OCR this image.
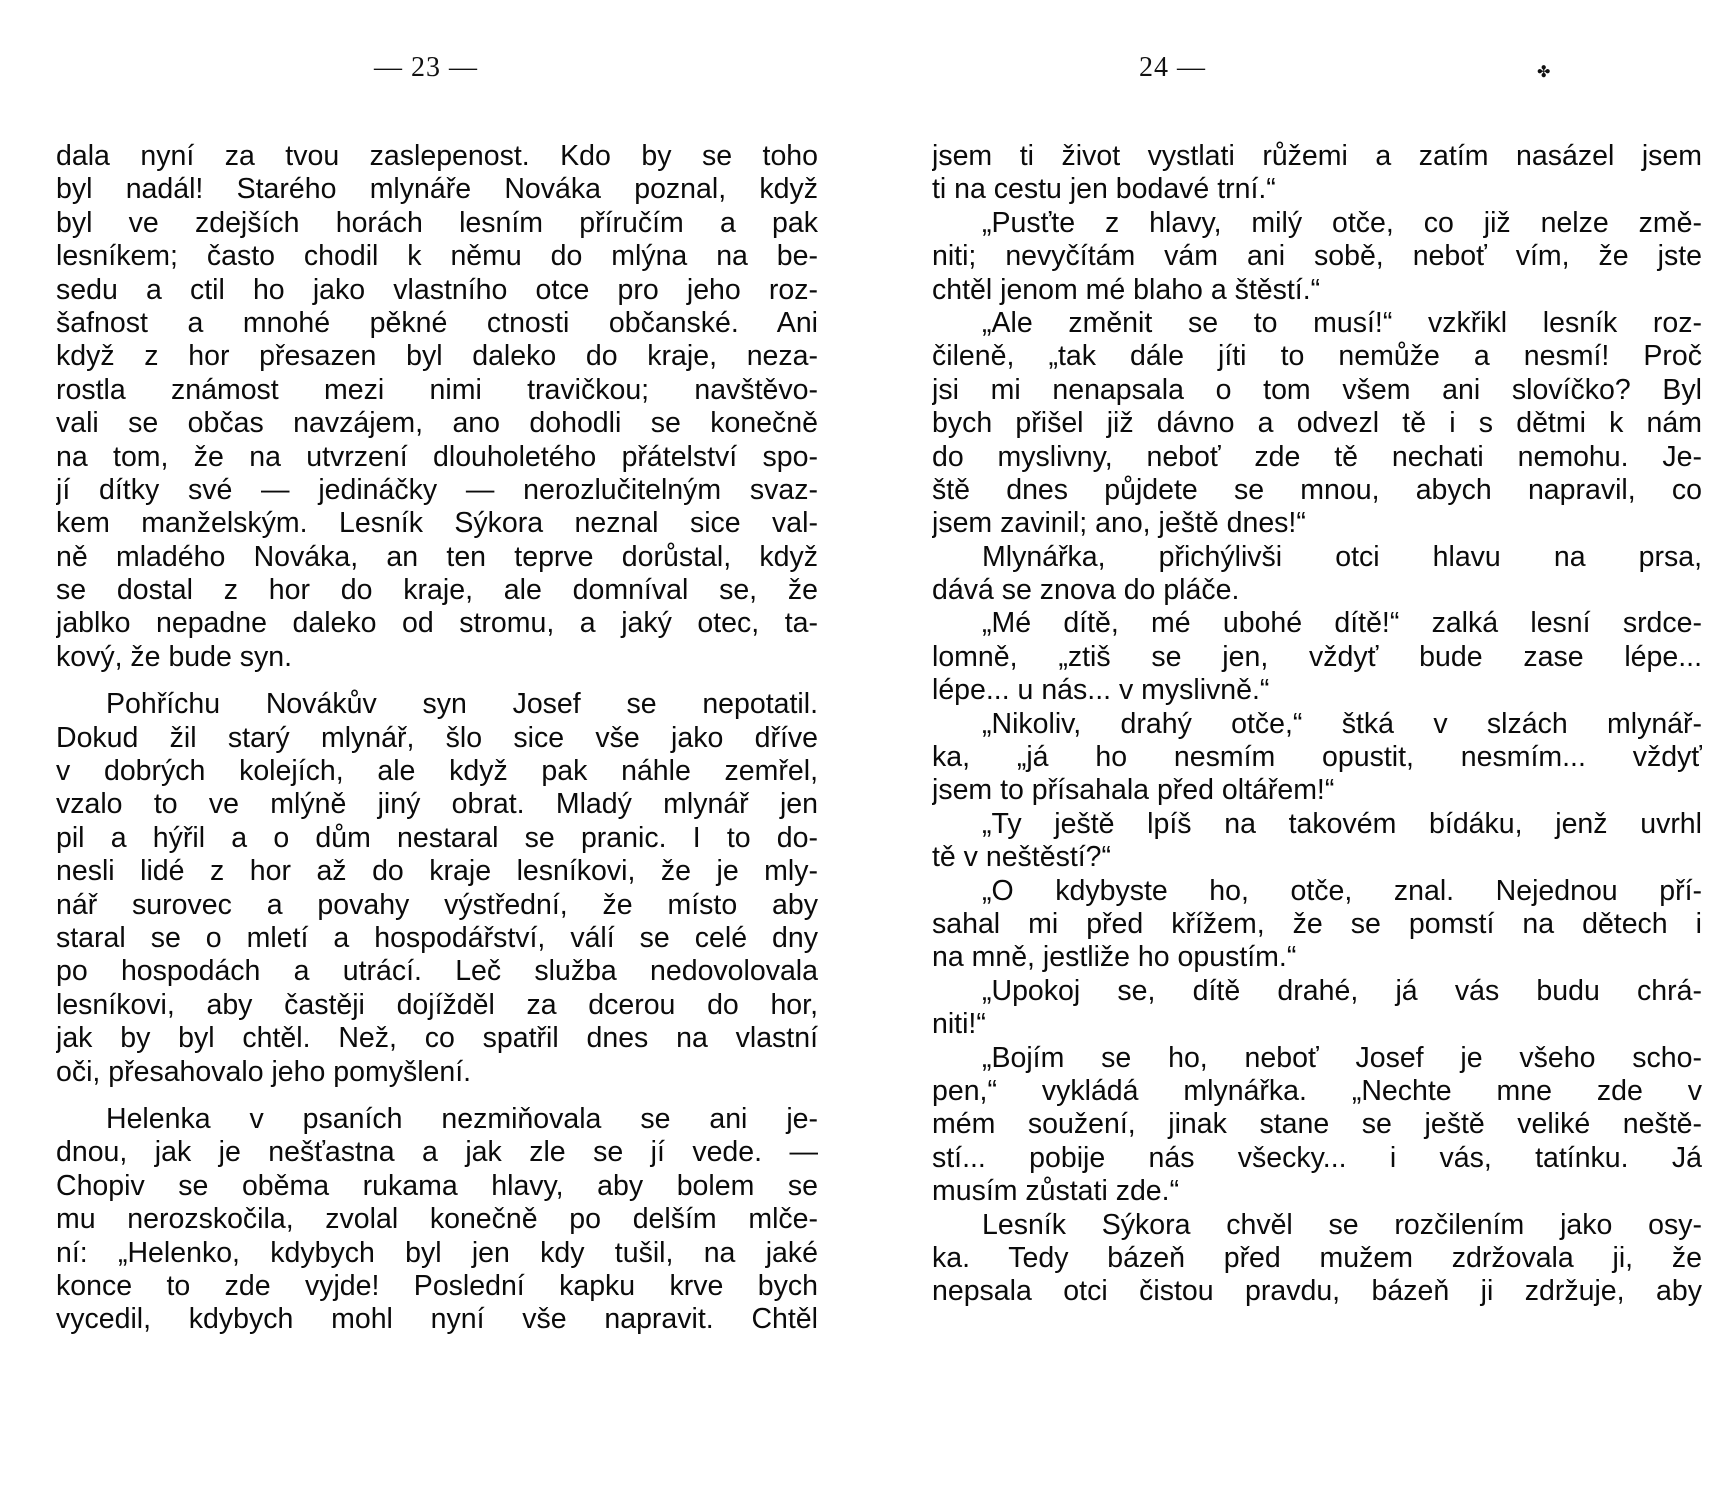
— 23 —
dala nyní za tvou zaslepenost. Kdo by se toho
byl nadál! Starého mlynáře Nováka poznal, když
byl ve zdejších horách lesním příručím a pak
lesníkem; často chodil k němu do mlýna na be-
sedu a ctil ho jako vlastního otce pro jeho roz-
šafnost a mnohé pěkné ctnosti občanské. Ani
když z hor přesazen byl daleko do kraje, neza-
rostla známost mezi nimi travičkou; navštěvo-
vali se občas navzájem, ano dohodli se konečně
na tom, že na utvrzení dlouholetého přátelství spo-
jí dítky své — jedináčky — nerozlučitelným svaz-
kem manželským. Lesník Sýkora neznal sice val-
ně mladého Nováka, an ten teprve dorůstal, když
se dostal z hor do kraje, ale domníval se, že
jablko nepadne daleko od stromu, a jaký otec, ta-
kový, že bude syn.
Pohříchu Novákův syn Josef se nepotatil.
Dokud žil starý mlynář, šlo sice vše jako dříve
v dobrých kolejích, ale když pak náhle zemřel,
vzalo to ve mlýně jiný obrat. Mladý mlynář jen
pil a hýřil a o dům nestaral se pranic. I to do-
nesli lidé z hor až do kraje lesníkovi, že je mly-
nář surovec a povahy výstřední, že místo aby
staral se o mletí a hospodářství, válí se celé dny
po hospodách a utrácí. Leč služba nedovolovala
lesníkovi, aby častěji dojížděl za dcerou do hor,
jak by byl chtěl. Než, co spatřil dnes na vlastní
oči, přesahovalo jeho pomyšlení.
Helenka v psaních nezmiňovala se ani je-
dnou, jak je nešťastna a jak zle se jí vede. —
Chopiv se oběma rukama hlavy, aby bolem se
mu nerozskočila, zvolal konečně po delším mlče-
ní: „Helenko, kdybych byl jen kdy tušil, na jaké
konce to zde vyjde! Poslední kapku krve bych
vycedil, kdybych mohl nyní vše napravit. Chtěl
24 —	✤
jsem ti život vystlati růžemi a zatím nasázel jsem
ti na cestu jen bodavé trní.“
„Pusťte z hlavy, milý otče, co již nelze změ-
niti; nevyčítám vám ani sobě, neboť vím, že jste
chtěl jenom mé blaho a štěstí.“
„Ale změnit se to musí!“ vzkřikl lesník roz-
čileně, „tak dále jíti to nemůže a nesmí! Proč
jsi mi nenapsala o tom všem ani slovíčko? Byl
bych přišel již dávno a odvezl tě i s dětmi k nám
do myslivny, neboť zde tě nechati nemohu. Je-
ště dnes půjdete se mnou, abych napravil, co
jsem zavinil; ano, ještě dnes!“
Mlynářka, přichýlivši otci hlavu na prsa,
dává se znova do pláče.
„Mé dítě, mé ubohé dítě!“ zalká lesní srdce-
lomně, „ztiš se jen, vždyť bude zase lépe...
lépe... u nás... v myslivně.“
„Nikoliv, drahý otče,“ štká v slzách mlynář-
ka, „já ho nesmím opustit, nesmím... vždyť
jsem to přísahala před oltářem!“
„Ty ještě lpíš na takovém bídáku, jenž uvrhl
tě v neštěstí?“
„O kdybyste ho, otče, znal. Nejednou pří-
sahal mi před křížem, že se pomstí na dětech i
na mně, jestliže ho opustím.“
„Upokoj se, dítě drahé, já vás budu chrá-
niti!“
„Bojím se ho, neboť Josef je všeho scho-
pen,“ vykládá mlynářka. „Nechte mne zde v
mém soužení, jinak stane se ještě veliké neště-
stí... pobije nás všecky... i vás, tatínku. Já
musím zůstati zde.“
Lesník Sýkora chvěl se rozčilením jako osy-
ka. Tedy bázeň před mužem zdržovala ji, že
nepsala otci čistou pravdu, bázeň ji zdržuje, aby
